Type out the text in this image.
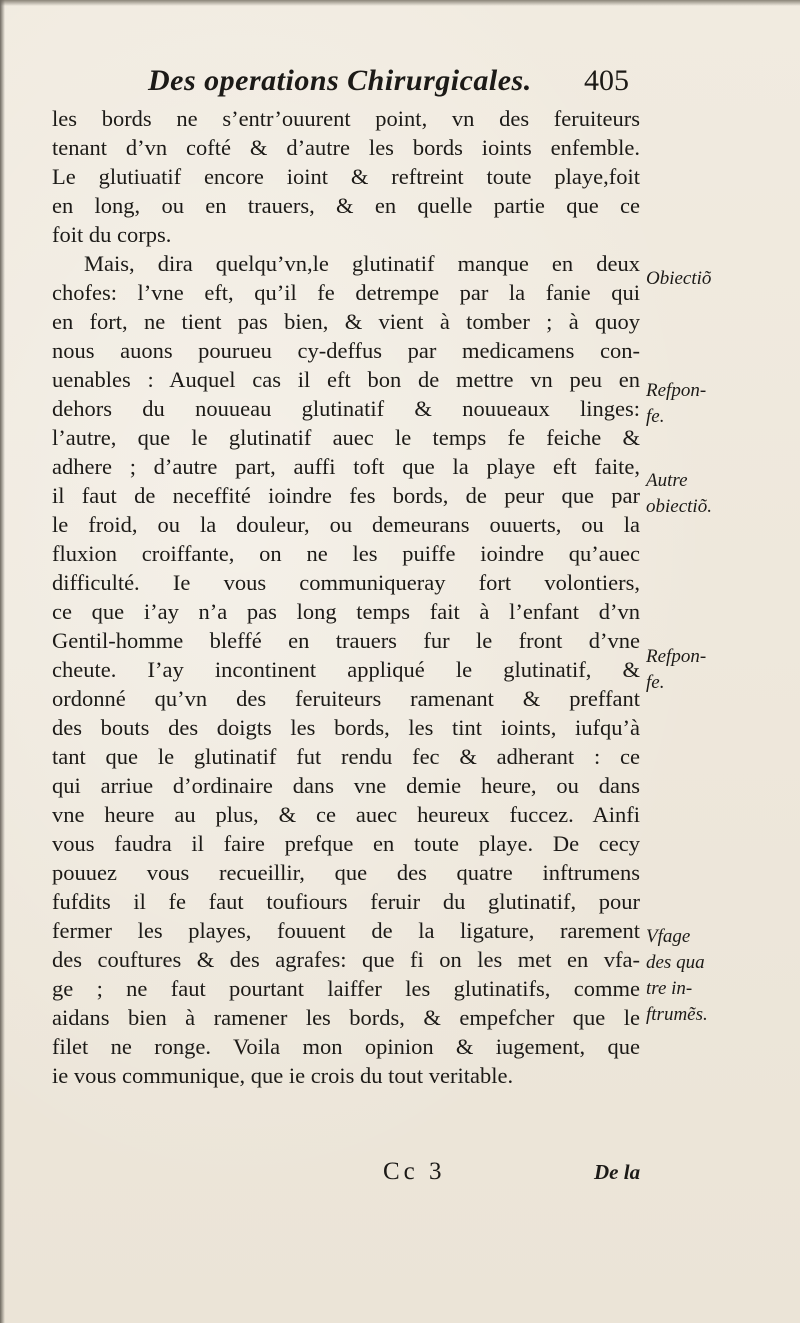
Des operations Chirurgicales. 405
les bords ne s’entr’ouurent point, vn des feruiteurs
tenant d’vn cofté & d’autre les bords ioints enfemble.
Le glutiuatif encore ioint & reftreint toute playe,foit
en long, ou en trauers, & en quelle partie que ce
foit du corps.
Mais, dira quelqu’vn,le glutinatif manque en deux
chofes: l’vne eft, qu’il fe detrempe par la fanie qui
en fort, ne tient pas bien, & vient à tomber ; à quoy
nous auons pourueu cy-deffus par medicamens con-
uenables : Auquel cas il eft bon de mettre vn peu en
dehors du nouueau glutinatif & nouueaux linges:
l’autre, que le glutinatif auec le temps fe feiche &
adhere ; d’autre part, auffi toft que la playe eft faite,
il faut de neceffité ioindre fes bords, de peur que par
le froid, ou la douleur, ou demeurans ouuerts, ou la
fluxion croiffante, on ne les puiffe ioindre qu’auec
difficulté. Ie vous communiqueray fort volontiers,
ce que i’ay n’a pas long temps fait à l’enfant d’vn
Gentil-homme bleffé en trauers fur le front d’vne
cheute. I’ay incontinent appliqué le glutinatif, &
ordonné qu’vn des feruiteurs ramenant & preffant
des bouts des doigts les bords, les tint ioints, iufqu’à
tant que le glutinatif fut rendu fec & adherant : ce
qui arriue d’ordinaire dans vne demie heure, ou dans
vne heure au plus, & ce auec heureux fuccez. Ainfi
vous faudra il faire prefque en toute playe. De cecy
pouuez vous recueillir, que des quatre inftrumens
fufdits il fe faut toufiours feruir du glutinatif, pour
fermer les playes, fouuent de la ligature, rarement
des couftures & des agrafes: que fi on les met en vfa-
ge ; ne faut pourtant laiffer les glutinatifs, comme
aidans bien à ramener les bords, & empefcher que le
filet ne ronge. Voila mon opinion & iugement, que
ie vous communique, que ie crois du tout veritable.
Obiectiõ
Refpon-
fe.
Autre
obiectiõ.
Refpon-
fe.
Vfage
des qua
tre in-
ftrumẽs.
Cc 3	De la
